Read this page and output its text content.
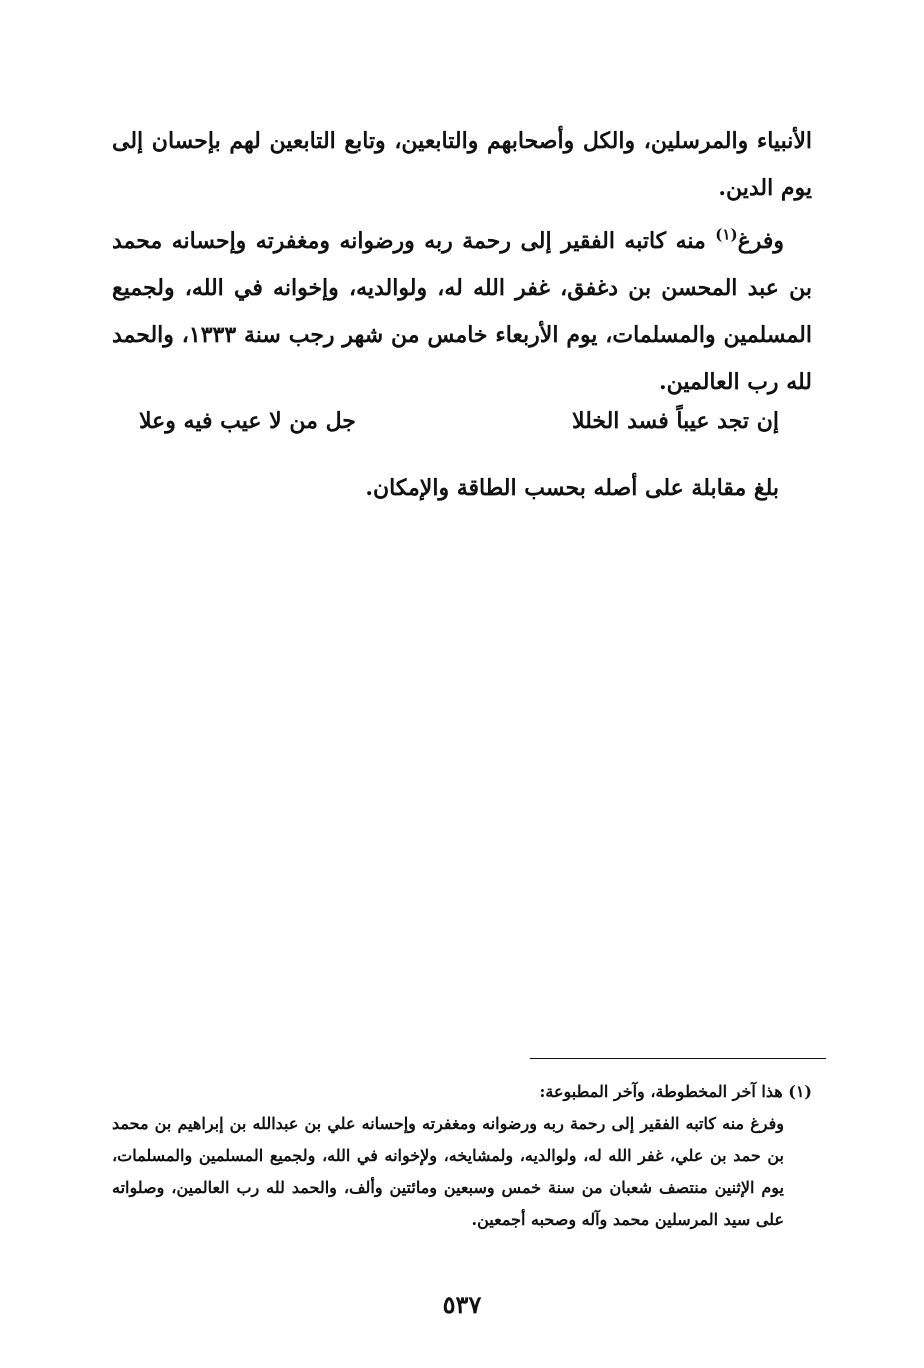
الأنبياء والمرسلين، والكل وأصحابهم والتابعين، وتابع التابعين لهم بإحسان إلى يوم الدين.

وفرغ$^{(١)}$ منه كاتبه الفقير إلى رحمة ربه ورضوانه ومغفرته وإحسانه محمد بن عبد المحسن بن دغفق، غفر الله له، ولوالديه، وإخوانه في الله، ولجميع المسلمين والمسلمات، يوم الأربعاء خامس من شهر رجب سنة ١٣٣٣، والحمد لله رب العالمين.

إن تجد عيباً فسد الخللا
جل من لا عيب فيه وعلا
بلغ مقابلة على أصله بحسب الطاقة والإمكان.

(١) هذا آخر المخطوطة، وآخر المطبوعة:

وفرغ منه كاتبه الفقير إلى رحمة ربه ورضوانه ومغفرته وإحسانه علي بن عبدالله بن إبراهيم بن محمد بن حمد بن علي، غفر الله له، ولوالديه، ولمشايخه، ولإخوانه في الله، ولجميع المسلمين والمسلمات، يوم الإثنين منتصف شعبان من سنة خمس وسبعين ومائتين وألف، والحمد لله رب العالمين، وصلواته على سيد المرسلين محمد وآله وصحبه أجمعين.

٥٣٧
